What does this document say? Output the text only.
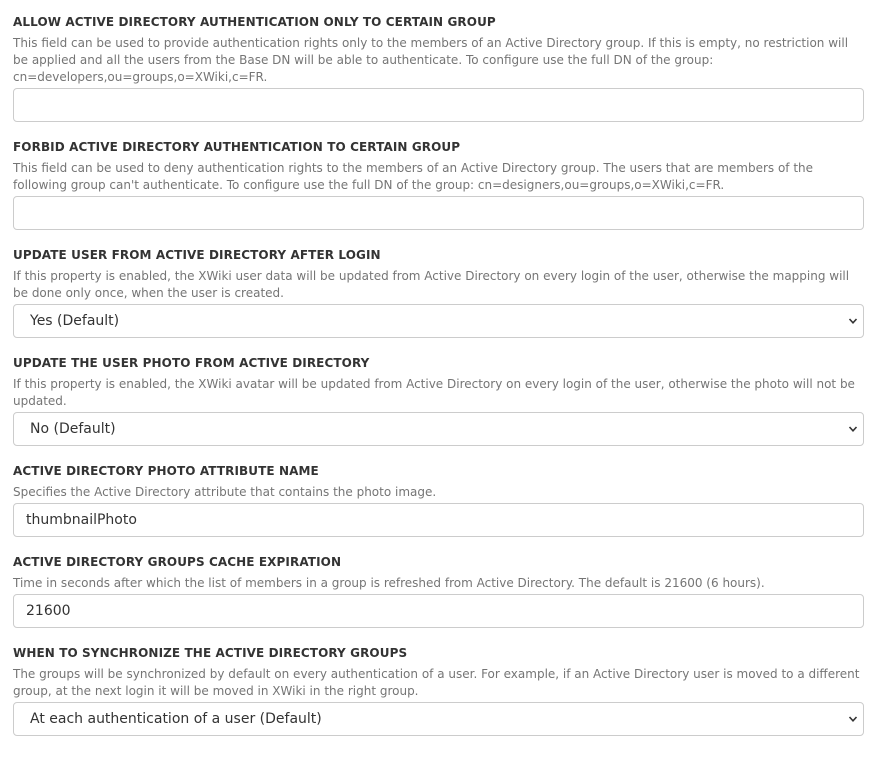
ALLOW ACTIVE DIRECTORY AUTHENTICATION ONLY TO CERTAIN GROUP
This field can be used to provide authentication rights only to the members of an Active Directory group. If this is empty, no restriction will be applied and all the users from the Base DN will be able to authenticate. To configure use the full DN of the group: cn=developers,ou=groups,o=XWiki,c=FR.
FORBID ACTIVE DIRECTORY AUTHENTICATION TO CERTAIN GROUP
This field can be used to deny authentication rights to the members of an Active Directory group. The users that are members of the following group can't authenticate. To configure use the full DN of the group: cn=designers,ou=groups,o=XWiki,c=FR.
UPDATE USER FROM ACTIVE DIRECTORY AFTER LOGIN
If this property is enabled, the XWiki user data will be updated from Active Directory on every login of the user, otherwise the mapping will be done only once, when the user is created.
Yes (Default)
UPDATE THE USER PHOTO FROM ACTIVE DIRECTORY
If this property is enabled, the XWiki avatar will be updated from Active Directory on every login of the user, otherwise the photo will not be updated.
No (Default)
ACTIVE DIRECTORY PHOTO ATTRIBUTE NAME
Specifies the Active Directory attribute that contains the photo image.
thumbnailPhoto
ACTIVE DIRECTORY GROUPS CACHE EXPIRATION
Time in seconds after which the list of members in a group is refreshed from Active Directory. The default is 21600 (6 hours).
21600
WHEN TO SYNCHRONIZE THE ACTIVE DIRECTORY GROUPS
The groups will be synchronized by default on every authentication of a user. For example, if an Active Directory user is moved to a different group, at the next login it will be moved in XWiki in the right group.
At each authentication of a user (Default)
